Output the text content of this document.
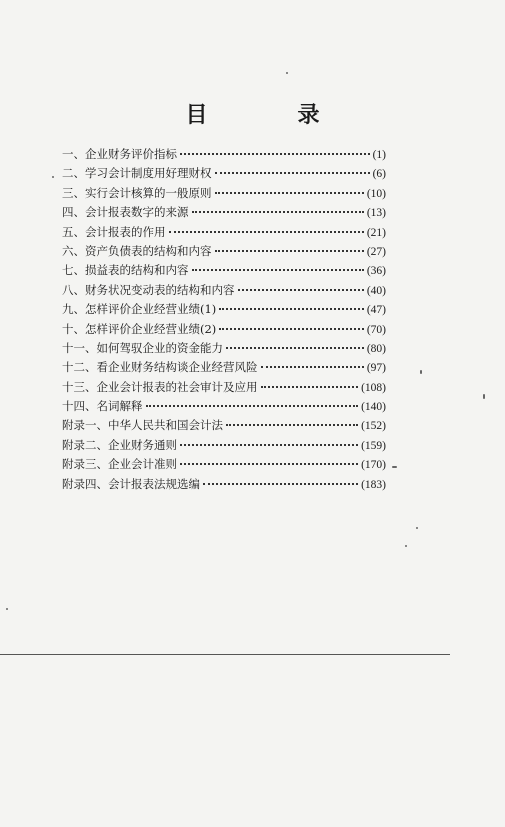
目　录
一、企业财务评价指标	(1)
二、学习会计制度用好理财权	(6)
三、实行会计核算的一般原则	(10)
四、会计报表数字的来源	(13)
五、会计报表的作用	(21)
六、资产负债表的结构和内容	(27)
七、损益表的结构和内容	(36)
八、财务状况变动表的结构和内容	(40)
九、怎样评价企业经营业绩(1)	(47)
十、怎样评价企业经营业绩(2)	(70)
十一、如何驾驭企业的资金能力	(80)
十二、看企业财务结构谈企业经营风险	(97)
十三、企业会计报表的社会审计及应用	(108)
十四、名词解释	(140)
附录一、中华人民共和国会计法	(152)
附录二、企业财务通则	(159)
附录三、企业会计准则	(170)
附录四、会计报表法规选编	(183)
